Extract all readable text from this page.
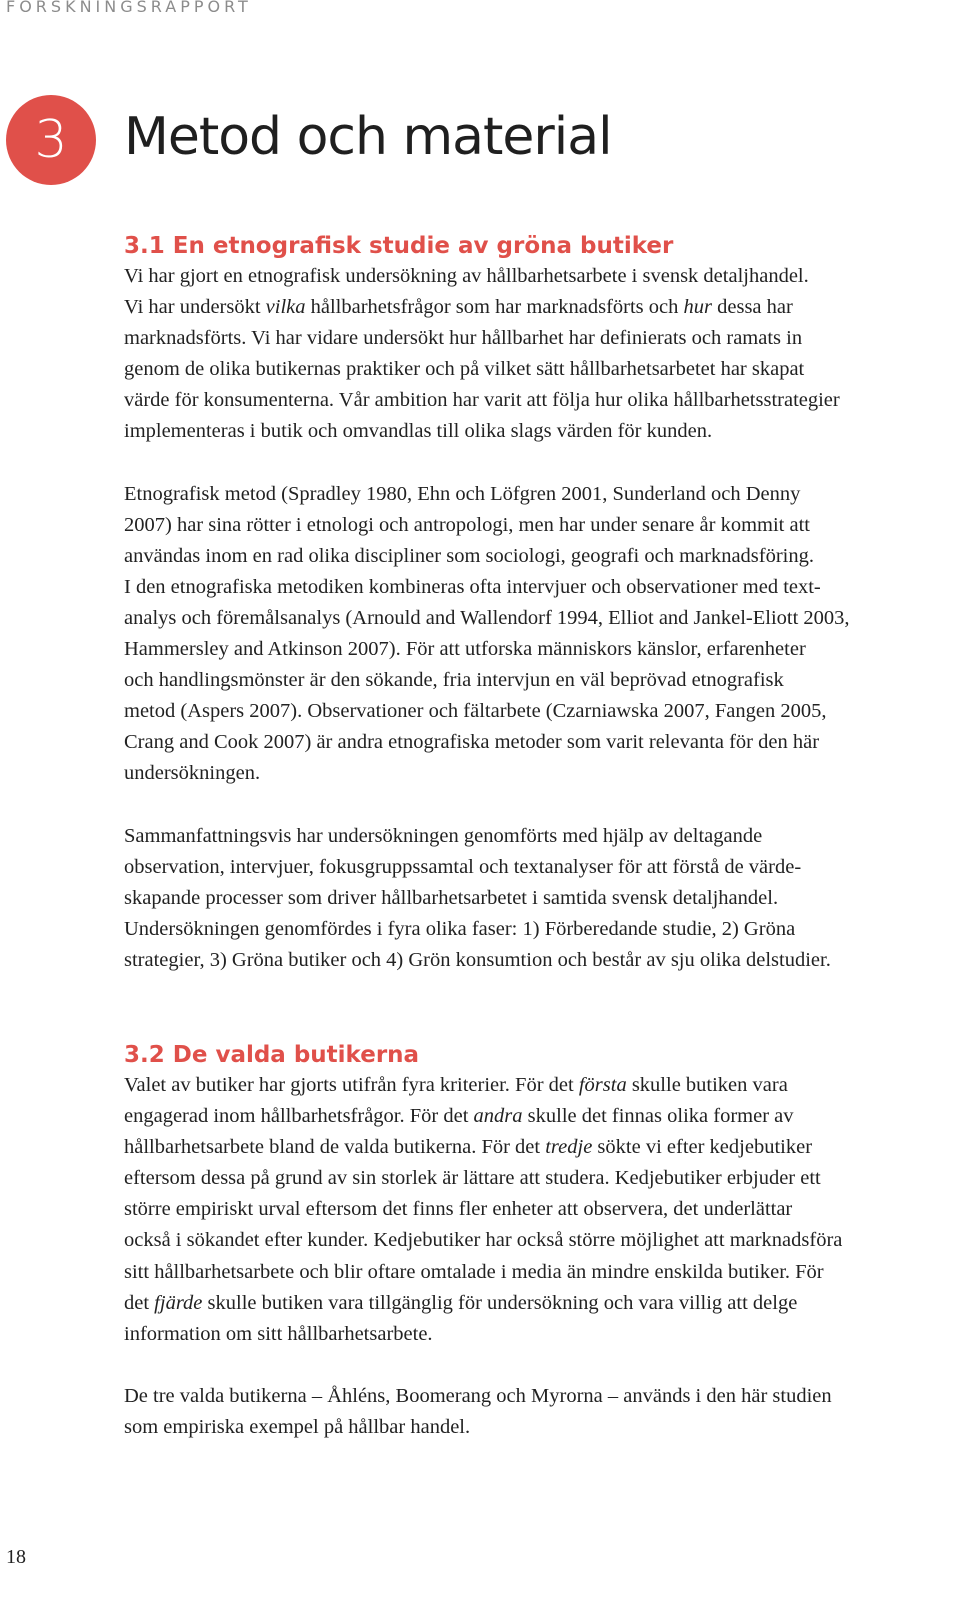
FORSKNINGSRAPPORT
3 Metod och material
3.1 En etnografisk studie av gröna butiker

Vi har gjort en etnografisk undersökning av hållbarhetsarbete i svensk detaljhandel.
Vi har undersökt vilka hållbarhetsfrågor som har marknadsförts och hur dessa har
marknadsförts. Vi har vidare undersökt hur hållbarhet har definierats och ramats in
genom de olika butikernas praktiker och på vilket sätt hållbarhetsarbetet har skapat
värde för konsumenterna. Vår ambition har varit att följa hur olika hållbarhetsstrategier
implementeras i butik och omvandlas till olika slags värden för kunden.

Etnografisk metod (Spradley 1980, Ehn och Löfgren 2001, Sunderland och Denny
2007) har sina rötter i etnologi och antropologi, men har under senare år kommit att
användas inom en rad olika discipliner som sociologi, geografi och marknadsföring.
I den etnografiska metodiken kombineras ofta intervjuer och observationer med text-
analys och föremålsanalys (Arnould and Wallendorf 1994, Elliot and Jankel-Eliott 2003,
Hammersley and Atkinson 2007). För att utforska människors känslor, erfarenheter
och handlingsmönster är den sökande, fria intervjun en väl beprövad etnografisk
metod (Aspers 2007). Observationer och fältarbete (Czarniawska 2007, Fangen 2005,
Crang and Cook 2007) är andra etnografiska metoder som varit relevanta för den här
undersökningen.

Sammanfattningsvis har undersökningen genomförts med hjälp av deltagande
observation, intervjuer, fokusgruppssamtal och textanalyser för att förstå de värde-
skapande processer som driver hållbarhetsarbetet i samtida svensk detaljhandel.
Undersökningen genomfördes i fyra olika faser: 1) Förberedande studie, 2) Gröna
strategier, 3) Gröna butiker och 4) Grön konsumtion och består av sju olika delstudier.

3.2 De valda butikerna

Valet av butiker har gjorts utifrån fyra kriterier. För det första skulle butiken vara
engagerad inom hållbarhetsfrågor. För det andra skulle det finnas olika former av
hållbarhetsarbete bland de valda butikerna. För det tredje sökte vi efter kedjebutiker
eftersom dessa på grund av sin storlek är lättare att studera. Kedjebutiker erbjuder ett
större empiriskt urval eftersom det finns fler enheter att observera, det underlättar
också i sökandet efter kunder. Kedjebutiker har också större möjlighet att marknadsföra
sitt hållbarhetsarbete och blir oftare omtalade i media än mindre enskilda butiker. För
det fjärde skulle butiken vara tillgänglig för undersökning och vara villig att delge
information om sitt hållbarhetsarbete.

De tre valda butikerna – Åhléns, Boomerang och Myrorna – används i den här studien
som empiriska exempel på hållbar handel.

18
